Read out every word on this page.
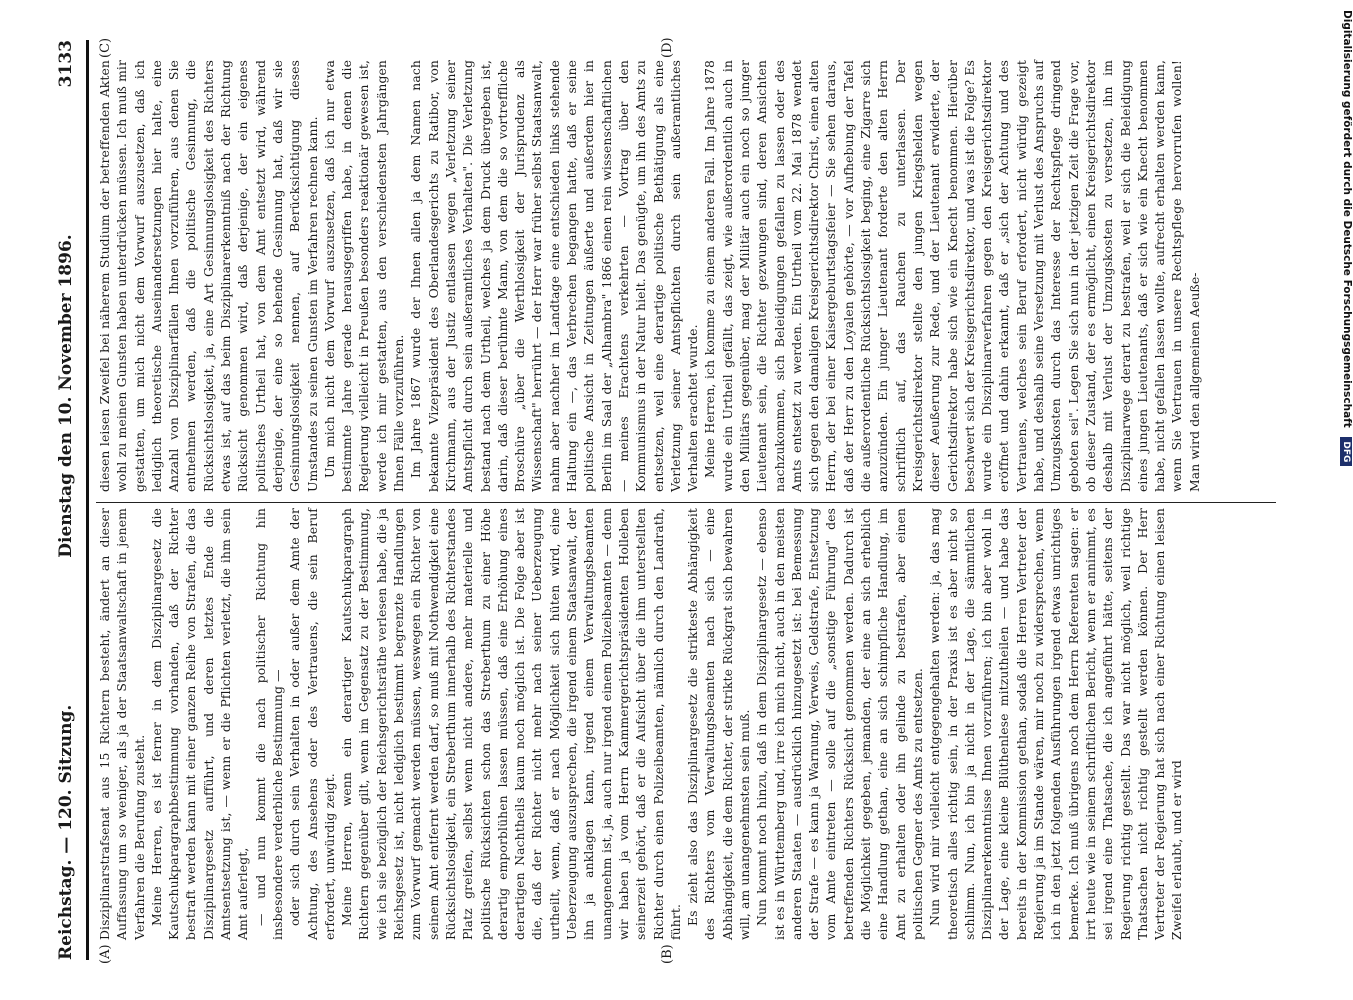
Reichstag. — 120. Sitzung.
Dienstag den 10. November 1896.
3133
(A)	(B)
(C)	(D)

Disziplinarstrafsenat aus 15 Richtern besteht, ändert an dieser Auffassung um so weniger, als ja der Staatsanwaltschaft in jenem Verfahren die Berufung zusteht. Meine Herren, es ist ferner in dem Disziplinargesetz die Kautschukparagraphbestimmung vorhanden, daß der Richter bestraft werden kann mit einer ganzen Reihe von Strafen, die das Disziplinargesetz aufführt, und deren letztes Ende die Amtsentsetzung ist, — wenn er die Pflichten verletzt, die ihm sein Amt auferlegt, — und nun kommt die nach politischer Richtung hin insbesondere verderbliche Bestimmung — oder sich durch sein Verhalten in oder außer dem Amte der Achtung, des Ansehens oder des Vertrauens, die sein Beruf erfordert, unwürdig zeigt. Meine Herren, wenn ein derartiger Kautschukparagraph Richtern gegenüber gilt, wenn im Gegensatz zu der Bestimmung, wie ich sie bezüglich der Reichsgerichtsräthe verlesen habe, die ja Reichsgesetz ist, nicht lediglich bestimmt begrenzte Handlungen zum Vorwurf gemacht werden müssen, weswegen ein Richter von seinem Amt entfernt werden darf, so muß mit Nothwendigkeit eine Rücksichtslosigkeit, ein Streberthum innerhalb des Richterstandes Platz greifen, selbst wenn nicht andere, mehr materielle und politische Rücksichten schon das Streberthum zu einer Höhe derartig emporblühen lassen müssen, daß eine Erhöhung eines derartigen Nachtheils kaum noch möglich ist. Die Folge aber ist die, daß der Richter nicht mehr nach seiner Ueberzeugung urtheilt, wenn, daß er nach Möglichkeit sich hüten wird, eine Ueberzeugung auszusprechen, die irgend einem Staatsanwalt, der ihn ja anklagen kann, irgend einem Verwaltungsbeamten unangenehm ist, ja, auch nur irgend einem Polizeibeamten — denn wir haben ja vom Herrn Kammergerichtspräsidenten Holleben seinerzeit gehört, daß er die Aufsicht über die ihm unterstellten Richter durch einen Polizeibeamten, nämlich durch den Landrath, führt. Es zieht also das Disziplinargesetz die strikteste Abhängigkeit des Richters vom Verwaltungsbeamten nach sich — eine Abhängigkeit, die dem Richter, der strikte Rückgrat sich bewahren will, am unangenehmsten sein muß. Nun kommt noch hinzu, daß in dem Disziplinargesetz — ebenso ist es in Württemberg und, irre ich mich nicht, auch in den meisten anderen Staaten — ausdrücklich hinzugesetzt ist: bei Bemessung der Strafe — es kann ja Warnung, Verweis, Geldstrafe, Entsetzung vom Amte eintreten — solle auf die „sonstige Führung" des betreffenden Richters Rücksicht genommen werden. Dadurch ist die Möglichkeit gegeben, jemanden, der eine an sich erheblich eine Handlung gethan, eine an sich schimpfliche Handlung, im Amt zu erhalten oder ihn gelinde zu bestrafen, aber einen politischen Gegner des Amts zu entsetzen. Nun wird mir vielleicht entgegengehalten werden: ja, das mag theoretisch alles richtig sein, in der Praxis ist es aber nicht so schlimm. Nun, ich bin ja nicht in der Lage, die sämmtlichen Disziplinarerkenntnisse Ihnen vorzuführen; ich bin aber wohl in der Lage, eine kleine Blüthenlese mitzutheilen — und habe das bereits in der Kommission gethan, sodaß die Herren Vertreter der Regierung ja im Stande wären, mir noch zu widersprechen, wenn ich in den jetzt folgenden Ausführungen irgend etwas unrichtiges bemerke. Ich muß übrigens noch dem Herrn Referenten sagen: er irrt heute wie in seinem schriftlichen Bericht, wenn er annimmt, es sei irgend eine Thatsache, die ich angeführt hätte, seitens der Regierung richtig gestellt. Das war nicht möglich, weil richtige Thatsachen nicht richtig gestellt werden können. Der Herr Vertreter der Regierung hat sich nach einer Richtung einen leisen Zweifel erlaubt, und er wird

diesen leisen Zweifel bei näherem Studium der betreffenden Akten wohl zu meinen Gunsten haben unterdrücken müssen. Ich muß mir gestatten, um mich nicht dem Vorwurf auszusetzen, daß ich lediglich theoretische Auseinandersetzungen hier halte, eine Anzahl von Disziplinarfällen Ihnen vorzuführen, aus denen Sie entnehmen werden, daß die politische Gesinnung, die Rücksichtslosigkeit, ja, eine Art Gesinnungslosigkeit des Richters etwas ist, auf das beim Disziplinarerkenntniß nach der Richtung Rücksicht genommen wird, daß derjenige, der ein eigenes politisches Urtheil hat, von dem Amt entsetzt wird, während derjenige, der eine so behende Gesinnung hat, daß wir sie Gesinnungslosigkeit nennen, auf Berücksichtigung dieses Umstandes zu seinen Gunsten im Verfahren rechnen kann. Um mich nicht dem Vorwurf auszusetzen, daß ich nur etwa bestimmte Jahre gerade herausgegriffen habe, in denen die Regierung vielleicht in Preußen besonders reaktionär gewesen ist, werde ich mir gestatten, aus den verschiedensten Jahrgängen Ihnen Fälle vorzuführen. Im Jahre 1867 wurde der Ihnen allen ja dem Namen nach bekannte Vizepräsident des Oberlandesgerichts zu Ratibor, von Kirchmann, aus der Justiz entlassen wegen „Verletzung seiner Amtspflicht durch sein außeramtliches Verhalten". Die Verletzung bestand nach dem Urtheil, welches ja dem Druck übergeben ist, darin, daß dieser berühmte Mann, von dem die so vortreffliche Broschüre „über die Werthlosigkeit der Jurisprudenz als Wissenschaft" herrührt — der Herr war früher selbst Staatsanwalt, nahm aber nachher im Landtage eine entschieden links stehende Haltung ein —, das Verbrechen begangen hatte, daß er seine politische Ansicht in Zeitungen äußerte und außerdem hier in Berlin im Saal der „Alhambra" 1866 einen rein wissenschaftlichen — meines Erachtens verkehrten — Vortrag über den Kommunismus in der Natur hielt. Das genügte, um ihn des Amts zu entsetzen, weil eine derartige politische Bethätigung als eine Verletzung seiner Amtspflichten durch sein außeramtliches Verhalten erachtet wurde. Meine Herren, ich komme zu einem anderen Fall. Im Jahre 1878 wurde ein Urtheil gefällt, das zeigt, wie außerordentlich auch in den Militärs gegenüber, mag der Militär auch ein noch so junger Lieutenant sein, die Richter gezwungen sind, deren Ansichten nachzukommen, sich Beleidigungen gefallen zu lassen oder des Amts entsetzt zu werden. Ein Urtheil vom 22. Mai 1878 wendet sich gegen den damaligen Kreisgerichtsdirektor Christ, einen alten Herrn, der bei einer Kaisergeburtstagsfeier — Sie sehen daraus, daß der Herr zu den Loyalen gehörte, — vor Aufhebung der Tafel die außerordentliche Rücksichtslosigkeit beging, eine Zigarre sich anzuzünden. Ein junger Lieutenant forderte den alten Herrn schriftlich auf, das Rauchen zu unterlassen. Der Kreisgerichtsdirektor stellte den jungen Kriegshelden wegen dieser Aeußerung zur Rede, und der Lieutenant erwiderte, der Gerichtsdirektor habe sich wie ein Knecht benommen. Hierüber beschwert sich der Kreisgerichtsdirektor, und was ist die Folge? Es wurde ein Disziplinarverfahren gegen den Kreisgerichtsdirektor eröffnet und dahin erkannt, daß er „sich der Achtung und des Vertrauens, welches sein Beruf erfordert, nicht würdig gezeigt habe, und deshalb seine Versetzung mit Verlust des Anspruchs auf Umzugskosten durch das Interesse der Rechtspflege dringend geboten sei". Legen Sie sich nun in der jetzigen Zeit die Frage vor, ob dieser Zustand, der es ermöglicht, einen Kreisgerichtsdirektor deshalb mit Verlust der Umzugskosten zu versetzen, ihn im Disziplinarwege derart zu bestrafen, weil er sich die Beleidigung eines jungen Lieutenants, daß er sich wie ein Knecht benommen habe, nicht gefallen lassen wollte, aufrecht erhalten werden kann, wenn Sie Vertrauen in unsere Rechtspflege hervorrufen wollen! Man wird den allgemeinen Aeuße-	Digitalisierung gefördert durch die Deutsche Forschungsgemeinschaft DFG
